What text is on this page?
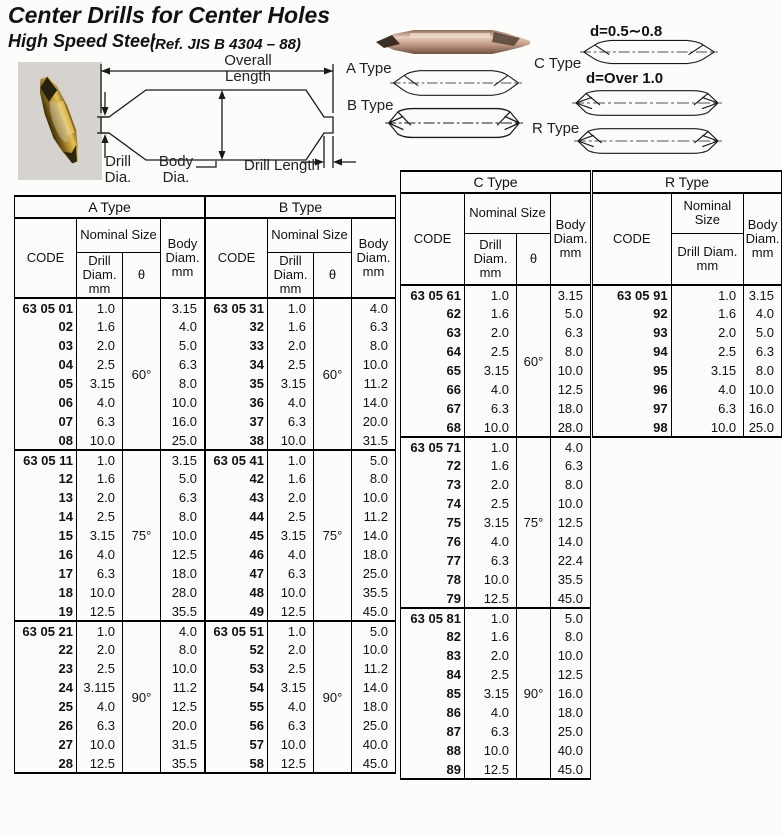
Center Drills for Center Holes
High Speed Steel
(Ref. JIS B 4304 – 88)
Overall Length
Drill Dia.
Body Dia.
Drill Length
A Type
B Type
d=0.5∼0.8
C Type
d=Over 1.0
R Type
A Type			
CODE	Nominal Size		Body Diam. mm
	Drill Diam. mm	θ	
63 05 01	1.0	60°	3.15
02	1.6		4.0
03	2.0		5.0
04	2.5		6.3
05	3.15		8.0
06	4.0		10.0
07	6.3		16.0
08	10.0		25.0
63 05 11	1.0	75°	3.15
12	1.6		5.0
13	2.0		6.3
14	2.5		8.0
15	3.15		10.0
16	4.0		12.5
17	6.3		18.0
18	10.0		28.0
19	12.5		35.5
63 05 21	1.0	90°	4.0
22	2.0		8.0
23	2.5		10.0
24	3.115		11.2
25	4.0		12.5
26	6.3		20.0
27	10.0		31.5
28	12.5		35.5
B Type			
CODE	Nominal Size		Body Diam. mm
	Drill Diam. mm	θ	
63 05 31	1.0	60°	4.0
32	1.6		6.3
33	2.0		8.0
34	2.5		10.0
35	3.15		11.2
36	4.0		14.0
37	6.3		20.0
38	10.0		31.5
63 05 41	1.0	75°	5.0
42	1.6		8.0
43	2.0		10.0
44	2.5		11.2
45	3.15		14.0
46	4.0		18.0
47	6.3		25.0
48	10.0		35.5
49	12.5		45.0
63 05 51	1.0	90°	5.0
52	2.0		10.0
53	2.5		11.2
54	3.15		14.0
55	4.0		18.0
56	6.3		25.0
57	10.0		40.0
58	12.5		45.0
C Type			
CODE	Nominal Size		Body Diam. mm
	Drill Diam. mm	θ	
63 05 61	1.0	60°	3.15
62	1.6		5.0
63	2.0		6.3
64	2.5		8.0
65	3.15		10.0
66	4.0		12.5
67	6.3		18.0
68	10.0		28.0
63 05 71	1.0	75°	4.0
72	1.6		6.3
73	2.0		8.0
74	2.5		10.0
75	3.15		12.5
76	4.0		14.0
77	6.3		22.4
78	10.0		35.5
79	12.5		45.0
63 05 81	1.0	90°	5.0
82	1.6		8.0
83	2.0		10.0
84	2.5		12.5
85	3.15		16.0
86	4.0		18.0
87	6.3		25.0
88	10.0		40.0
89	12.5		45.0
R Type		
CODE	Nominal Size	Body Diam. mm
	Drill Diam. mm	
63 05 91	1.0	3.15
92	1.6	4.0
93	2.0	5.0
94	2.5	6.3
95	3.15	8.0
96	4.0	10.0
97	6.3	16.0
98	10.0	25.0
